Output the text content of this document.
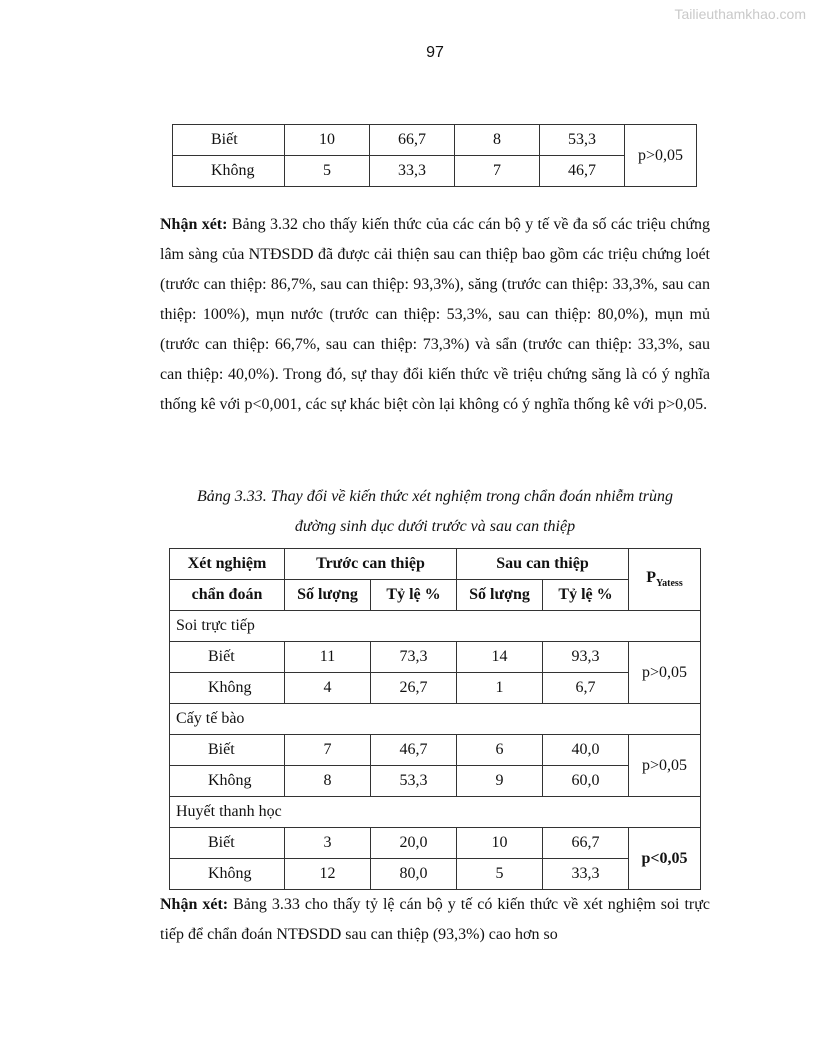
Tailieuthamkhao.com
97
Biết	10	66,7	8	53,3	p>0,05
Không	5	33,3	7	46,7	
Nhận xét: Bảng 3.32 cho thấy kiến thức của các cán bộ y tế về đa số các triệu chứng lâm sàng của NTĐSDD đã được cải thiện sau can thiệp bao gồm các triệu chứng loét (trước can thiệp: 86,7%, sau can thiệp: 93,3%), săng (trước can thiệp: 33,3%, sau can thiệp: 100%), mụn nước (trước can thiệp: 53,3%, sau can thiệp: 80,0%), mụn mủ (trước can thiệp: 66,7%, sau can thiệp: 73,3%) và sẩn (trước can thiệp: 33,3%, sau can thiệp: 40,0%). Trong đó, sự thay đổi kiến thức về triệu chứng săng là có ý nghĩa thống kê với p<0,001, các sự khác biệt còn lại không có ý nghĩa thống kê với p>0,05.
Bảng 3.33. Thay đổi về kiến thức xét nghiệm trong chẩn đoán nhiễm trùng
đường sinh dục dưới trước và sau can thiệp
Xét nghiệm	Trước can thiệp		Sau can thiệp		$P_{Yatess}$
chẩn đoán	Số lượng	Tỷ lệ %	Số lượng	Tỷ lệ %	
Soi trực tiếp					
Biết	11	73,3	14	93,3	p>0,05
Không	4	26,7	1	6,7	
Cấy tế bào					
Biết	7	46,7	6	40,0	p>0,05
Không	8	53,3	9	60,0	
Huyết thanh học					
Biết	3	20,0	10	66,7	p<0,05
Không	12	80,0	5	33,3	
Nhận xét: Bảng 3.33 cho thấy tỷ lệ cán bộ y tế có kiến thức về xét nghiệm soi trực tiếp để chẩn đoán NTĐSDD sau can thiệp (93,3%) cao hơn so
